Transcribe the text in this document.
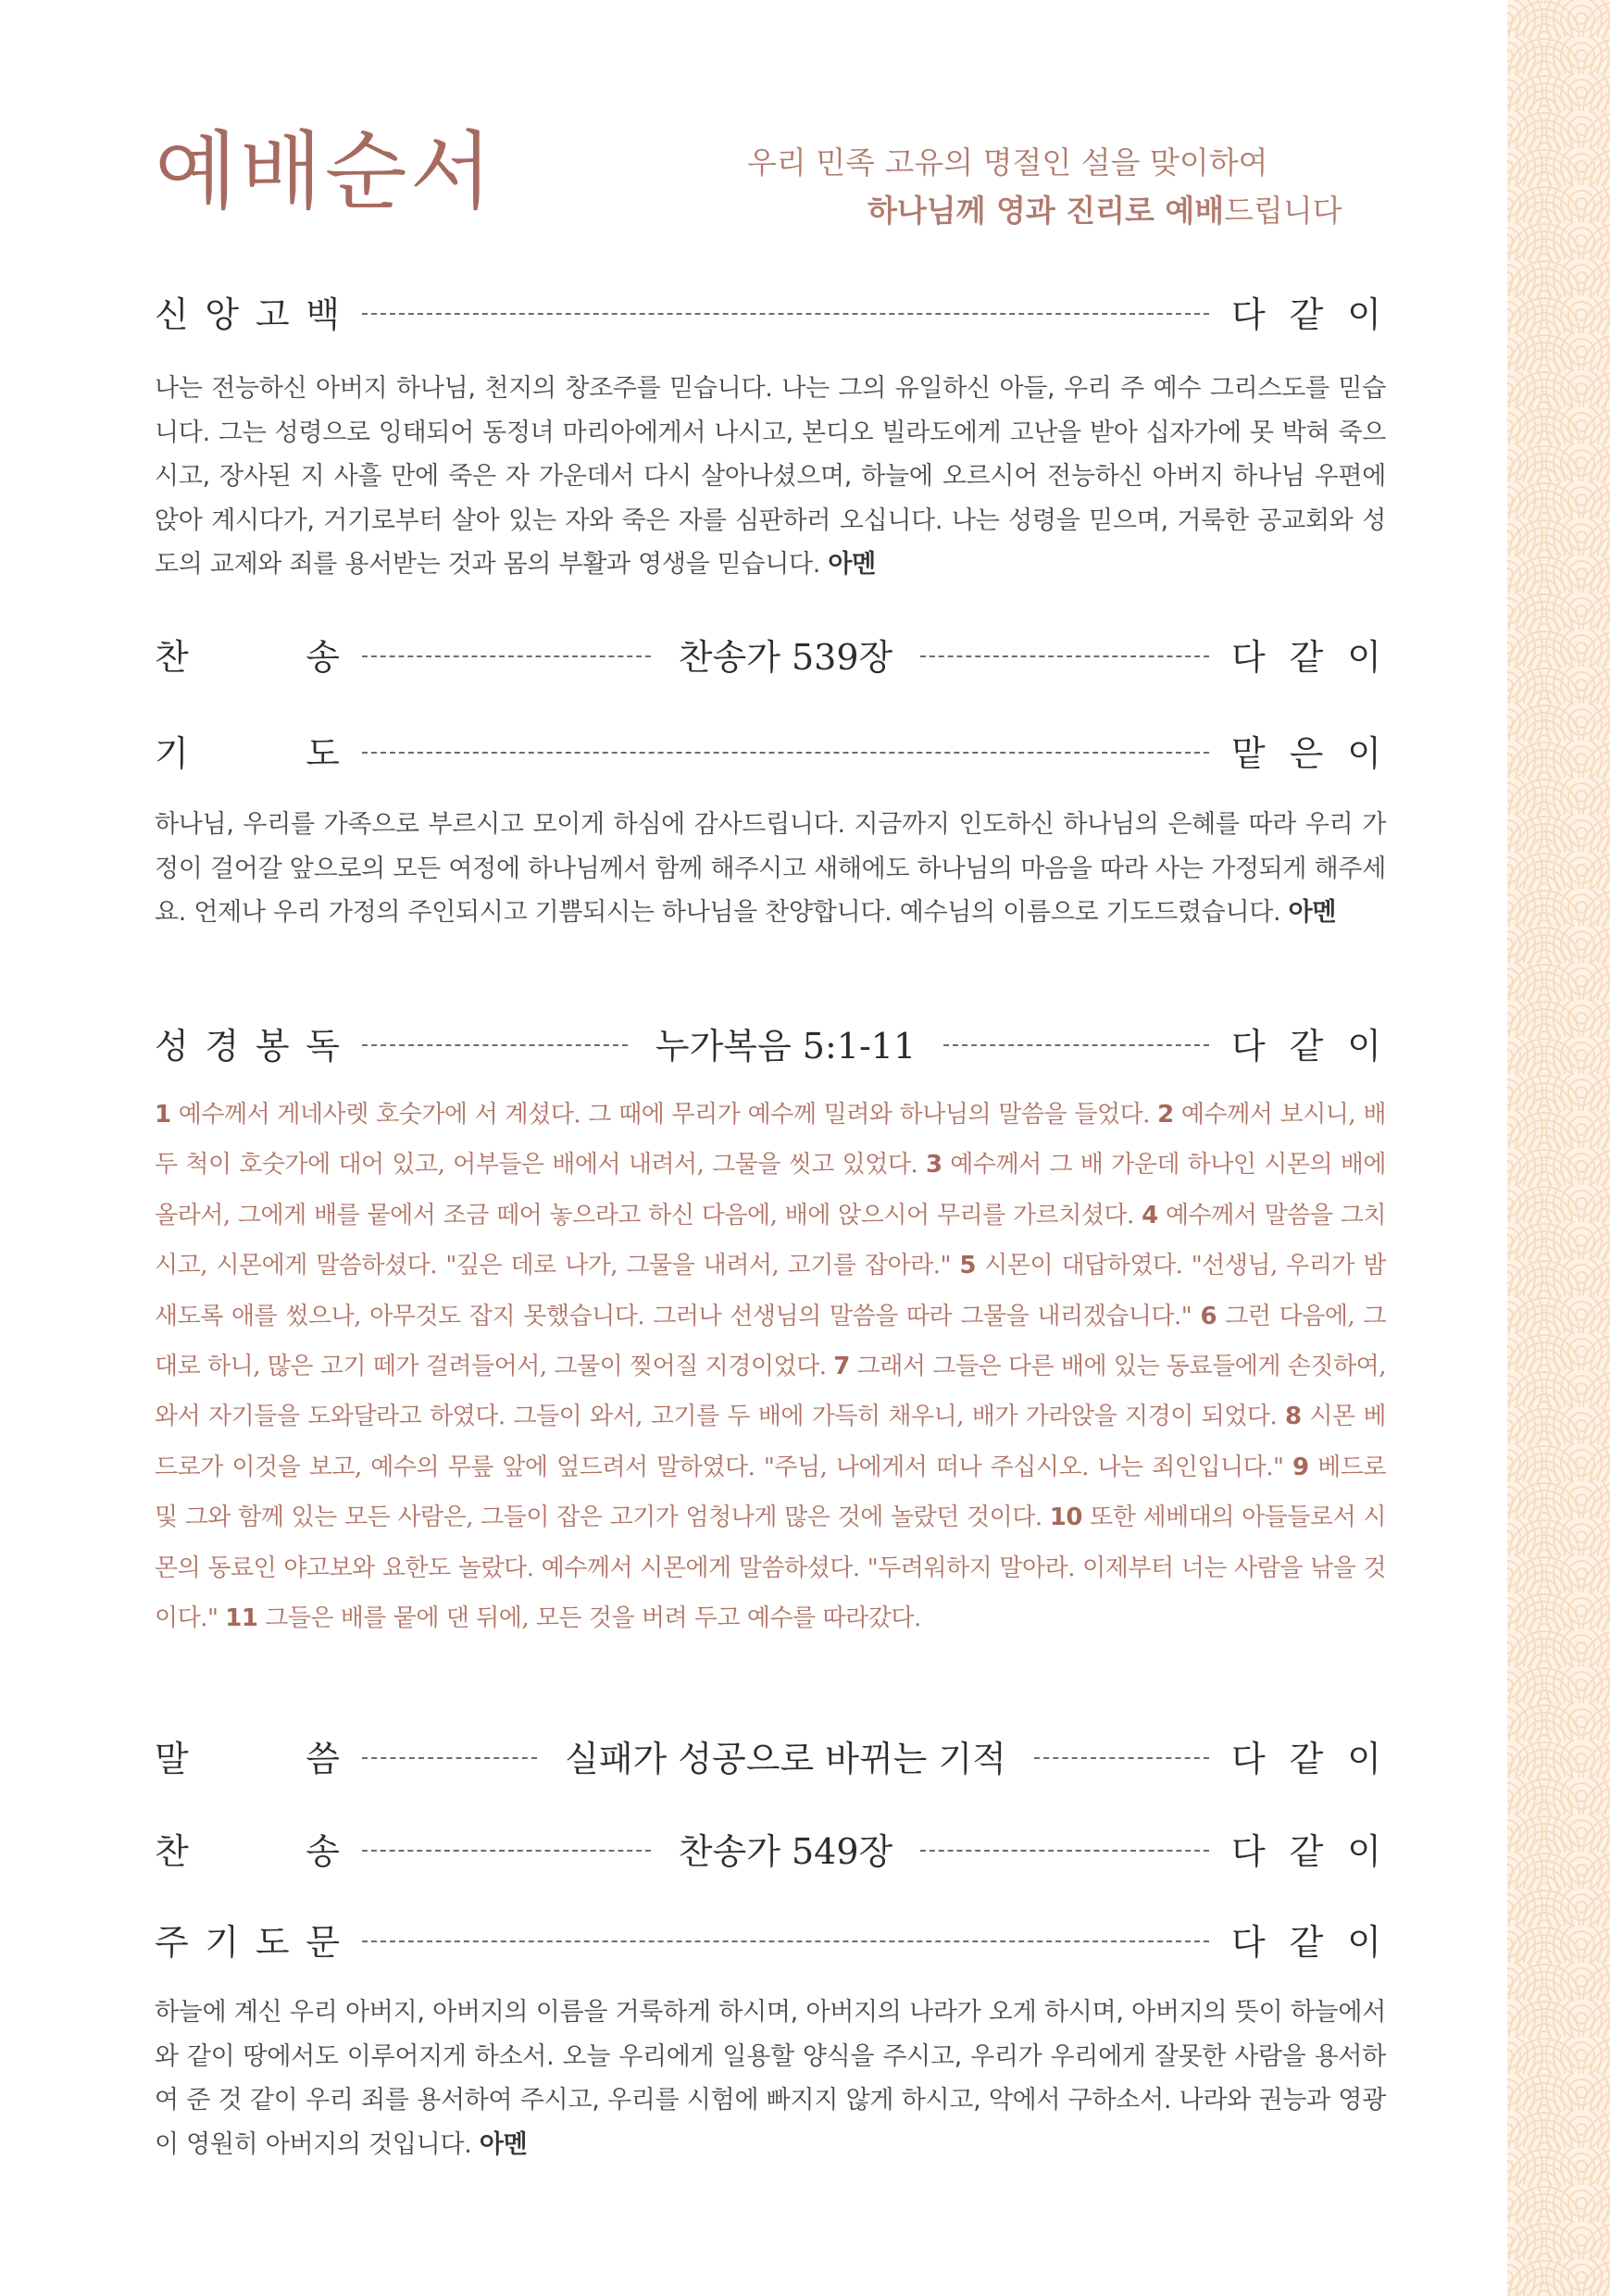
예배순서	우리 민족 고유의 명절인 설을 맞이하여
하나님께 영과 진리로 예배드립니다
신 앙 고 백	다 같 이
나는 전능하신 아버지 하나님, 천지의 창조주를 믿습니다. 나는 그의 유일하신 아들, 우리 주 예수 그리스도를 믿습니다. 그는 성령으로 잉태되어 동정녀 마리아에게서 나시고, 본디오 빌라도에게 고난을 받아 십자가에 못 박혀 죽으시고, 장사된 지 사흘 만에 죽은 자 가운데서 다시 살아나셨으며, 하늘에 오르시어 전능하신 아버지 하나님 우편에 앉아 계시다가, 거기로부터 살아 있는 자와 죽은 자를 심판하러 오십니다. 나는 성령을 믿으며, 거룩한 공교회와 성도의 교제와 죄를 용서받는 것과 몸의 부활과 영생을 믿습니다. 아멘
찬	송	찬송가 539장	다 같 이
기	도	맡 은 이
하나님, 우리를 가족으로 부르시고 모이게 하심에 감사드립니다. 지금까지 인도하신 하나님의 은혜를 따라 우리 가정이 걸어갈 앞으로의 모든 여정에 하나님께서 함께 해주시고 새해에도 하나님의 마음을 따라 사는 가정되게 해주세요. 언제나 우리 가정의 주인되시고 기쁨되시는 하나님을 찬양합니다. 예수님의 이름으로 기도드렸습니다. 아멘
성 경 봉 독	누가복음 5:1-11	다 같 이
1 예수께서 게네사렛 호숫가에 서 계셨다. 그 때에 무리가 예수께 밀려와 하나님의 말씀을 들었다. 2 예수께서 보시니, 배 두 척이 호숫가에 대어 있고, 어부들은 배에서 내려서, 그물을 씻고 있었다. 3 예수께서 그 배 가운데 하나인 시몬의 배에 올라서, 그에게 배를 뭍에서 조금 떼어 놓으라고 하신 다음에, 배에 앉으시어 무리를 가르치셨다. 4 예수께서 말씀을 그치시고, 시몬에게 말씀하셨다. "깊은 데로 나가, 그물을 내려서, 고기를 잡아라." 5 시몬이 대답하였다. "선생님, 우리가 밤새도록 애를 썼으나, 아무것도 잡지 못했습니다. 그러나 선생님의 말씀을 따라 그물을 내리겠습니다." 6 그런 다음에, 그대로 하니, 많은 고기 떼가 걸려들어서, 그물이 찢어질 지경이었다. 7 그래서 그들은 다른 배에 있는 동료들에게 손짓하여, 와서 자기들을 도와달라고 하였다. 그들이 와서, 고기를 두 배에 가득히 채우니, 배가 가라앉을 지경이 되었다. 8 시몬 베드로가 이것을 보고, 예수의 무릎 앞에 엎드려서 말하였다. "주님, 나에게서 떠나 주십시오. 나는 죄인입니다." 9 베드로 및 그와 함께 있는 모든 사람은, 그들이 잡은 고기가 엄청나게 많은 것에 놀랐던 것이다. 10 또한 세베대의 아들들로서 시몬의 동료인 야고보와 요한도 놀랐다. 예수께서 시몬에게 말씀하셨다. "두려워하지 말아라. 이제부터 너는 사람을 낚을 것이다." 11 그들은 배를 뭍에 댄 뒤에, 모든 것을 버려 두고 예수를 따라갔다.
말	씀	실패가 성공으로 바뀌는 기적	다 같 이
찬	송	찬송가 549장	다 같 이
주 기 도 문	다 같 이
하늘에 계신 우리 아버지, 아버지의 이름을 거룩하게 하시며, 아버지의 나라가 오게 하시며, 아버지의 뜻이 하늘에서와 같이 땅에서도 이루어지게 하소서. 오늘 우리에게 일용할 양식을 주시고, 우리가 우리에게 잘못한 사람을 용서하여 준 것 같이 우리 죄를 용서하여 주시고, 우리를 시험에 빠지지 않게 하시고, 악에서 구하소서. 나라와 권능과 영광이 영원히 아버지의 것입니다. 아멘
